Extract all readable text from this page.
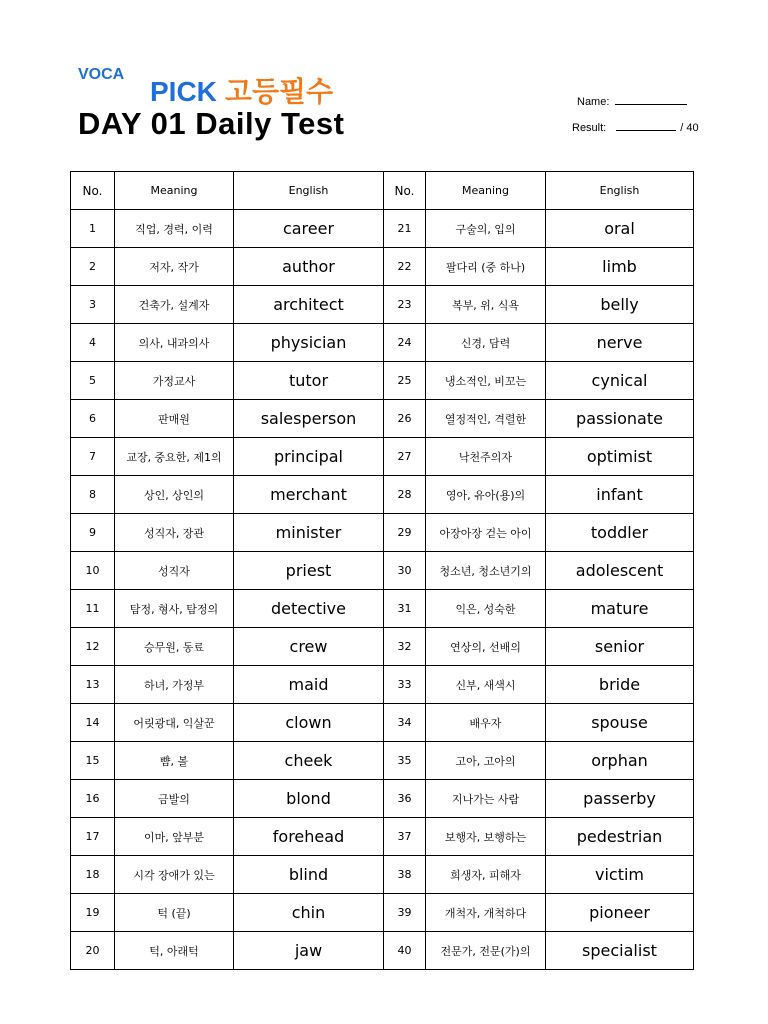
VOCA
PICK 고등필수
DAY 01 Daily Test
Name:
Result:	/ 40
No.	Meaning	English	No.	Meaning	English
1	직업, 경력, 이력	career	21	구술의, 입의	oral
2	저자, 작가	author	22	팔다리 (중 하나)	limb
3	건축가, 설계자	architect	23	복부, 위, 식욕	belly
4	의사, 내과의사	physician	24	신경, 담력	nerve
5	가정교사	tutor	25	냉소적인, 비꼬는	cynical
6	판매원	salesperson	26	열정적인, 격렬한	passionate
7	교장, 중요한, 제1의	principal	27	낙천주의자	optimist
8	상인, 상인의	merchant	28	영아, 유아(용)의	infant
9	성직자, 장관	minister	29	아장아장 걷는 아이	toddler
10	성직자	priest	30	청소년, 청소년기의	adolescent
11	탐정, 형사, 탐정의	detective	31	익은, 성숙한	mature
12	승무원, 동료	crew	32	연상의, 선배의	senior
13	하녀, 가정부	maid	33	신부, 새색시	bride
14	어릿광대, 익살꾼	clown	34	배우자	spouse
15	뺨, 볼	cheek	35	고아, 고아의	orphan
16	금발의	blond	36	지나가는 사람	passerby
17	이마, 앞부분	forehead	37	보행자, 보행하는	pedestrian
18	시각 장애가 있는	blind	38	희생자, 피해자	victim
19	턱 (끝)	chin	39	개척자, 개척하다	pioneer
20	턱, 아래턱	jaw	40	전문가, 전문(가)의	specialist
